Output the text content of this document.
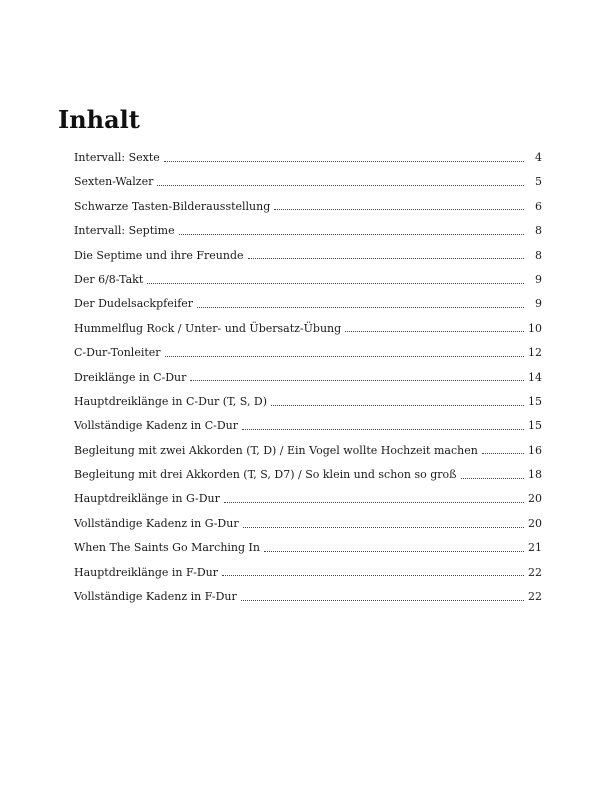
Inhalt
Intervall: Sexte	4
Sexten-Walzer	5
Schwarze Tasten-Bilderausstellung	6
Intervall: Septime	8
Die Septime und ihre Freunde	8
Der 6/8-Takt	9
Der Dudelsackpfeifer	9
Hummelflug Rock / Unter- und Übersatz-Übung	10
C-Dur-Tonleiter	12
Dreiklänge in C-Dur	14
Hauptdreiklänge in C-Dur (T, S, D)	15
Vollständige Kadenz in C-Dur	15
Begleitung mit zwei Akkorden (T, D) / Ein Vogel wollte Hochzeit machen	16
Begleitung mit drei Akkorden (T, S, D7) / So klein und schon so groß	18
Hauptdreiklänge in G-Dur	20
Vollständige Kadenz in G-Dur	20
When The Saints Go Marching In	21
Hauptdreiklänge in F-Dur	22
Vollständige Kadenz in F-Dur	22
